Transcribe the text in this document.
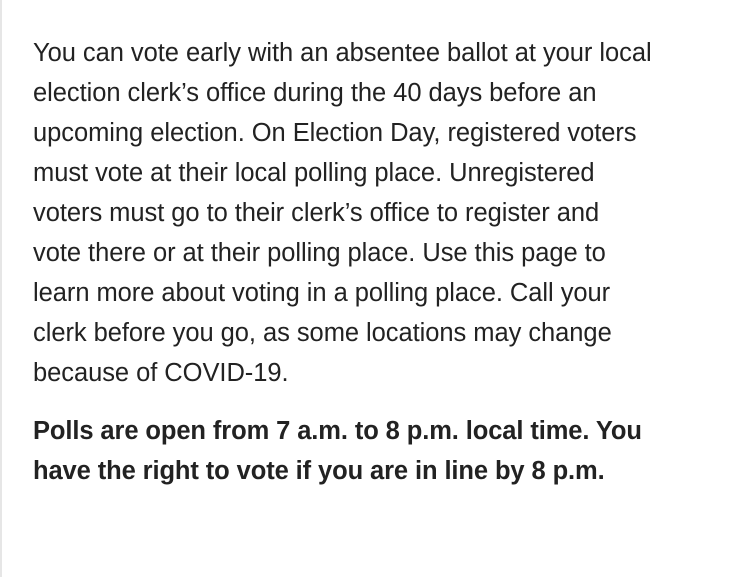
You can vote early with an absentee ballot at your local
election clerk’s office during the 40 days before an
upcoming election. On Election Day, registered voters
must vote at their local polling place. Unregistered
voters must go to their clerk’s office to register and
vote there or at their polling place. Use this page to
learn more about voting in a polling place. Call your
clerk before you go, as some locations may change
because of COVID-19.

Polls are open from 7 a.m. to 8 p.m. local time. You
have the right to vote if you are in line by 8 p.m.
